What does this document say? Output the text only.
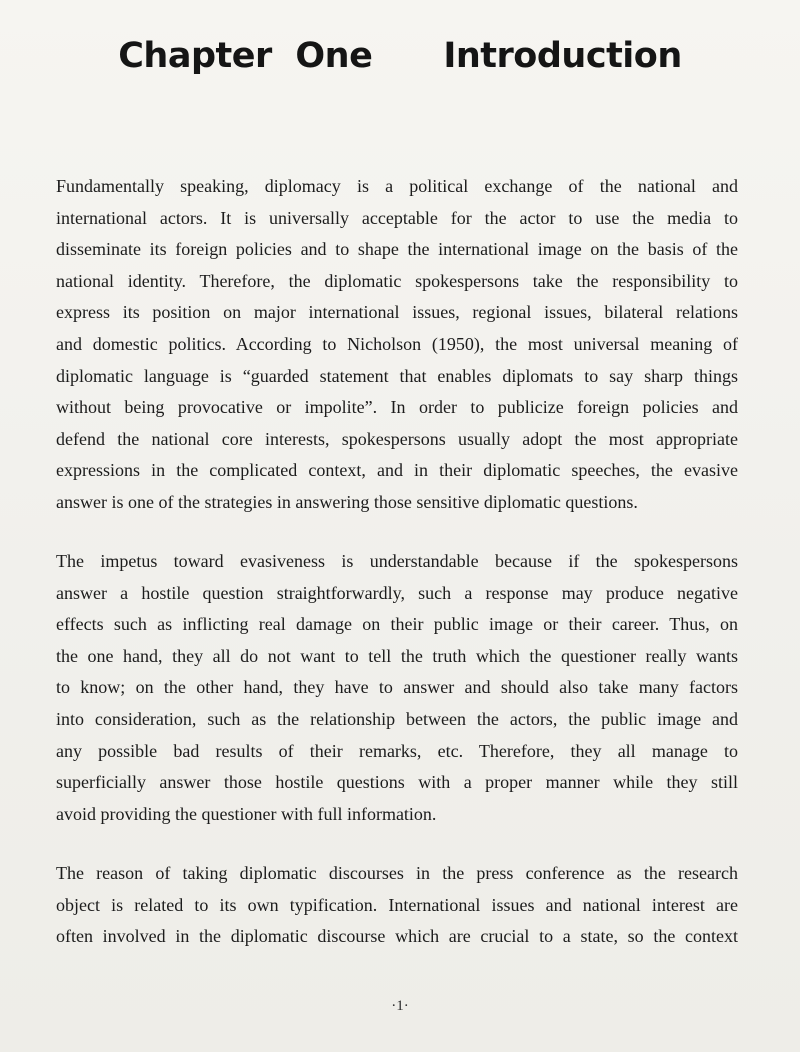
Chapter One   Introduction
Fundamentally speaking, diplomacy is a political exchange of the national and
international actors. It is universally acceptable for the actor to use the media to
disseminate its foreign policies and to shape the international image on the basis of the
national identity. Therefore, the diplomatic spokespersons take the responsibility to
express its position on major international issues, regional issues, bilateral relations
and domestic politics. According to Nicholson (1950), the most universal meaning of
diplomatic language is “guarded statement that enables diplomats to say sharp things
without being provocative or impolite”. In order to publicize foreign policies and
defend the national core interests, spokespersons usually adopt the most appropriate
expressions in the complicated context, and in their diplomatic speeches, the evasive
answer is one of the strategies in answering those sensitive diplomatic questions.
The impetus toward evasiveness is understandable because if the spokespersons
answer a hostile question straightforwardly, such a response may produce negative
effects such as inflicting real damage on their public image or their career. Thus, on
the one hand, they all do not want to tell the truth which the questioner really wants
to know; on the other hand, they have to answer and should also take many factors
into consideration, such as the relationship between the actors, the public image and
any possible bad results of their remarks, etc. Therefore, they all manage to
superficially answer those hostile questions with a proper manner while they still
avoid providing the questioner with full information.
The reason of taking diplomatic discourses in the press conference as the research
object is related to its own typification. International issues and national interest are
often involved in the diplomatic discourse which are crucial to a state, so the context
·1·
